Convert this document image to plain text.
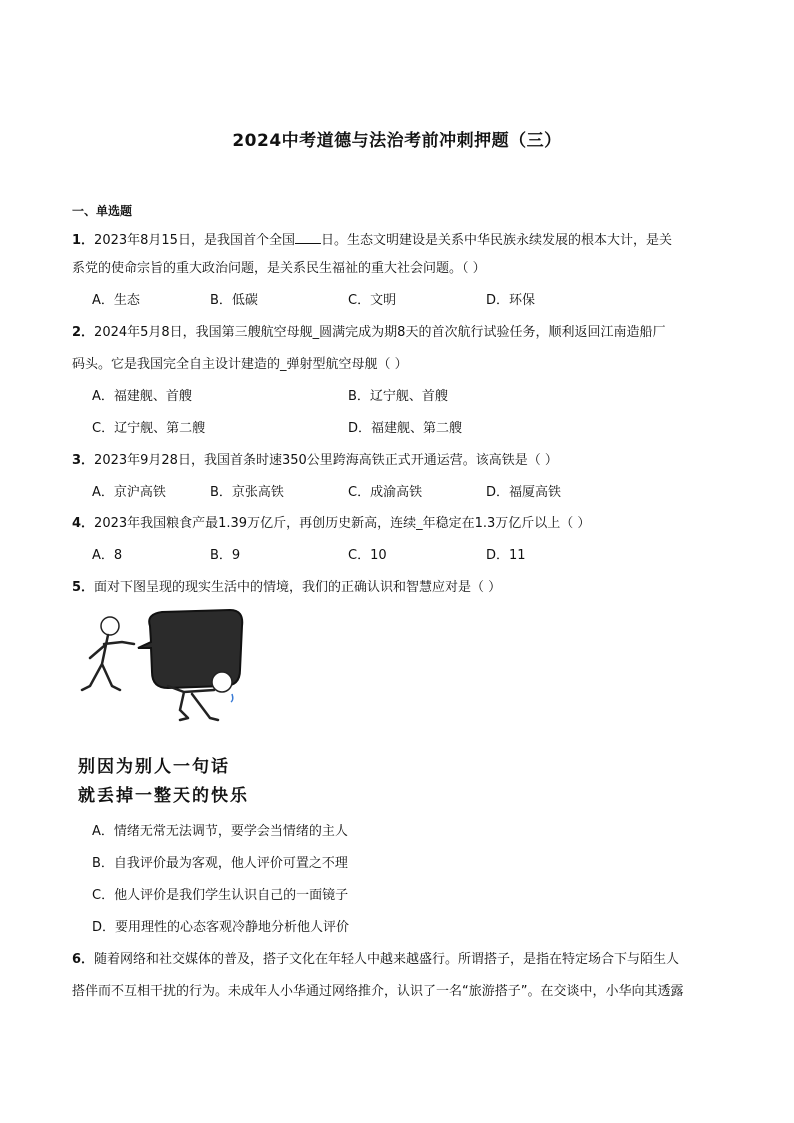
2024中考道德与法治考前冲刺押题（三）
一、单选题
1．2023年8月15日，是我国首个全国 日。生态文明建设是关系中华民族永续发展的根本大计，是关
系党的使命宗旨的重大政治问题，是关系民生福祉的重大社会问题。（ ）
A．生态	B．低碳	C．文明	D．环保
2．2024年5月8日，我国第三艘航空母舰_圆满完成为期8天的首次航行试验任务，顺利返回江南造船厂
码头。它是我国完全自主设计建造的_弹射型航空母舰（ ）
A．福建舰、首艘	B．辽宁舰、首艘
C．辽宁舰、第二艘	D．福建舰、第二艘
3．2023年9月28日，我国首条时速350公里跨海高铁正式开通运营。该高铁是（ ）
A．京沪高铁	B．京张高铁	C．成渝高铁	D．福厦高铁
4．2023年我国粮食产最1.39万亿斤，再创历史新高，连续_年稳定在1.3万亿斤以上（ ）
A．8	B．9	C．10	D．11
5．面对下图呈现的现实生活中的情境，我们的正确认识和智慧应对是（ ）
别因为别人一句话
就丢掉一整天的快乐
A．情绪无常无法调节，要学会当情绪的主人
B．自我评价最为客观，他人评价可置之不理
C．他人评价是我们学生认识自己的一面镜子
D．要用理性的心态客观冷静地分析他人评价
6．随着网络和社交媒体的普及，搭子文化在年轻人中越来越盛行。所谓搭子，是指在特定场合下与陌生人
搭伴而不互相干扰的行为。未成年人小华通过网络推介，认识了一名“旅游搭子”。在交谈中，小华向其透露
